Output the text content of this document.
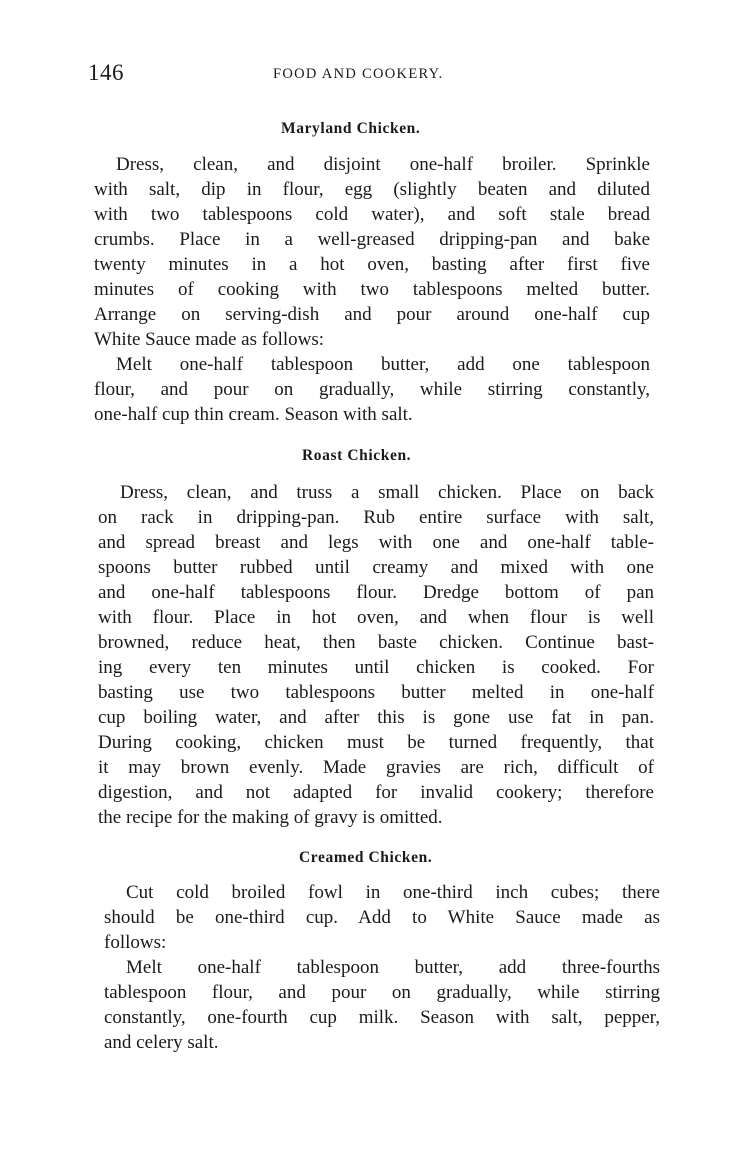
146	FOOD AND COOKERY.
Maryland Chicken.
Dress, clean, and disjoint one-half broiler. Sprinkle
with salt, dip in flour, egg (slightly beaten and diluted
with two tablespoons cold water), and soft stale bread
crumbs. Place in a well-greased dripping-pan and bake
twenty minutes in a hot oven, basting after first five
minutes of cooking with two tablespoons melted butter.
Arrange on serving-dish and pour around one-half cup
White Sauce made as follows:
Melt one-half tablespoon butter, add one tablespoon
flour, and pour on gradually, while stirring constantly,
one-half cup thin cream. Season with salt.
Roast Chicken.
Dress, clean, and truss a small chicken. Place on back
on rack in dripping-pan. Rub entire surface with salt,
and spread breast and legs with one and one-half table-
spoons butter rubbed until creamy and mixed with one
and one-half tablespoons flour. Dredge bottom of pan
with flour. Place in hot oven, and when flour is well
browned, reduce heat, then baste chicken. Continue bast-
ing every ten minutes until chicken is cooked. For
basting use two tablespoons butter melted in one-half
cup boiling water, and after this is gone use fat in pan.
During cooking, chicken must be turned frequently, that
it may brown evenly. Made gravies are rich, difficult of
digestion, and not adapted for invalid cookery; therefore
the recipe for the making of gravy is omitted.
Creamed Chicken.
Cut cold broiled fowl in one-third inch cubes; there
should be one-third cup. Add to White Sauce made as
follows:
Melt one-half tablespoon butter, add three-fourths
tablespoon flour, and pour on gradually, while stirring
constantly, one-fourth cup milk. Season with salt, pepper,
and celery salt.
